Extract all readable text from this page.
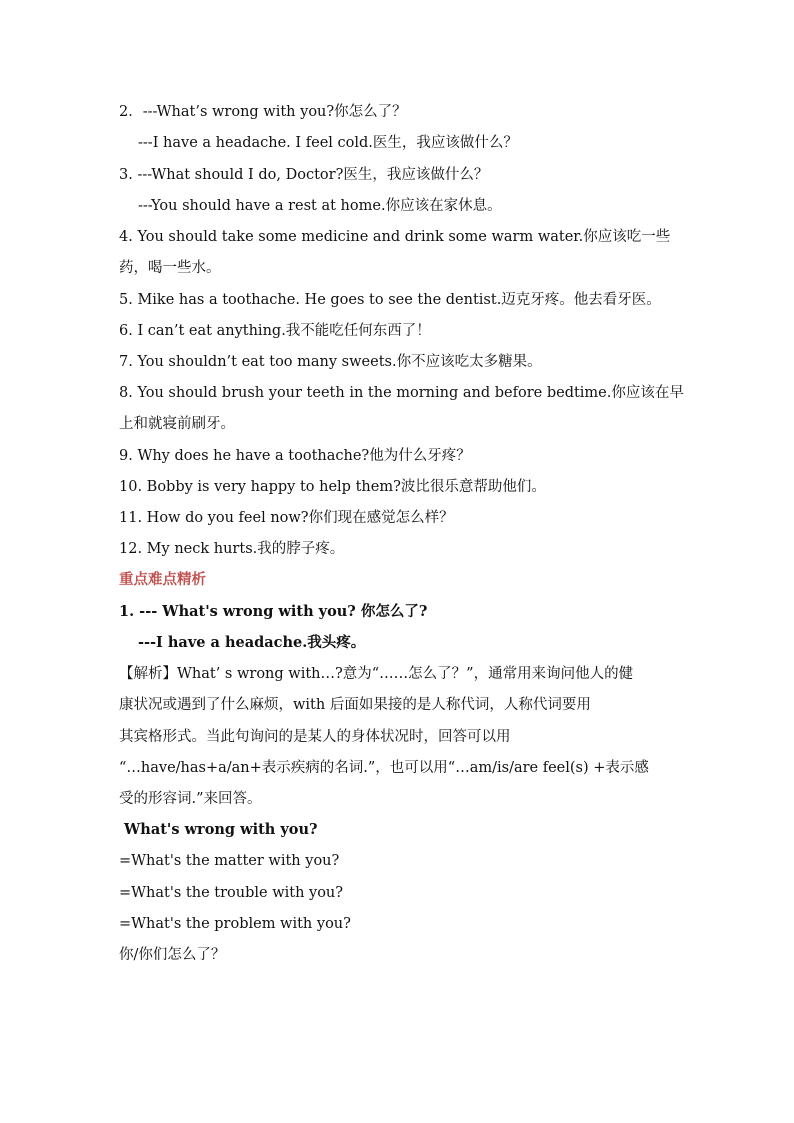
2．---What’s wrong with you?你怎么了？
---I have a headache. I feel cold.医生，我应该做什么？
3. ---What should I do, Doctor?医生，我应该做什么？
---You should have a rest at home.你应该在家休息。
4. You should take some medicine and drink some warm water.你应该吃一些
药，喝一些水。
5. Mike has a toothache. He goes to see the dentist.迈克牙疼。他去看牙医。
6. I can’t eat anything.我不能吃任何东西了！
7. You shouldn’t eat too many sweets.你不应该吃太多糖果。
8. You should brush your teeth in the morning and before bedtime.你应该在早
上和就寝前刷牙。
9. Why does he have a toothache?他为什么牙疼？
10. Bobby is very happy to help them?波比很乐意帮助他们。
11. How do you feel now?你们现在感觉怎么样？
12. My neck hurts.我的脖子疼。
重点难点精析
1. --- What's wrong with you? 你怎么了?
---I have a headache.我头疼。
【解析】What’ s wrong with…?意为“……怎么了？”，通常用来询问他人的健
康状况或遇到了什么麻烦，with 后面如果接的是人称代词，人称代词要用
其宾格形式。当此句询问的是某人的身体状况时，回答可以用
“…have/has+a/an+表示疾病的名词.”，也可以用“…am/is/are feel(s) +表示感
受的形容词.”来回答。
What's wrong with you?
=What's the matter with you?
=What's the trouble with you?
=What's the problem with you?
你/你们怎么了？
